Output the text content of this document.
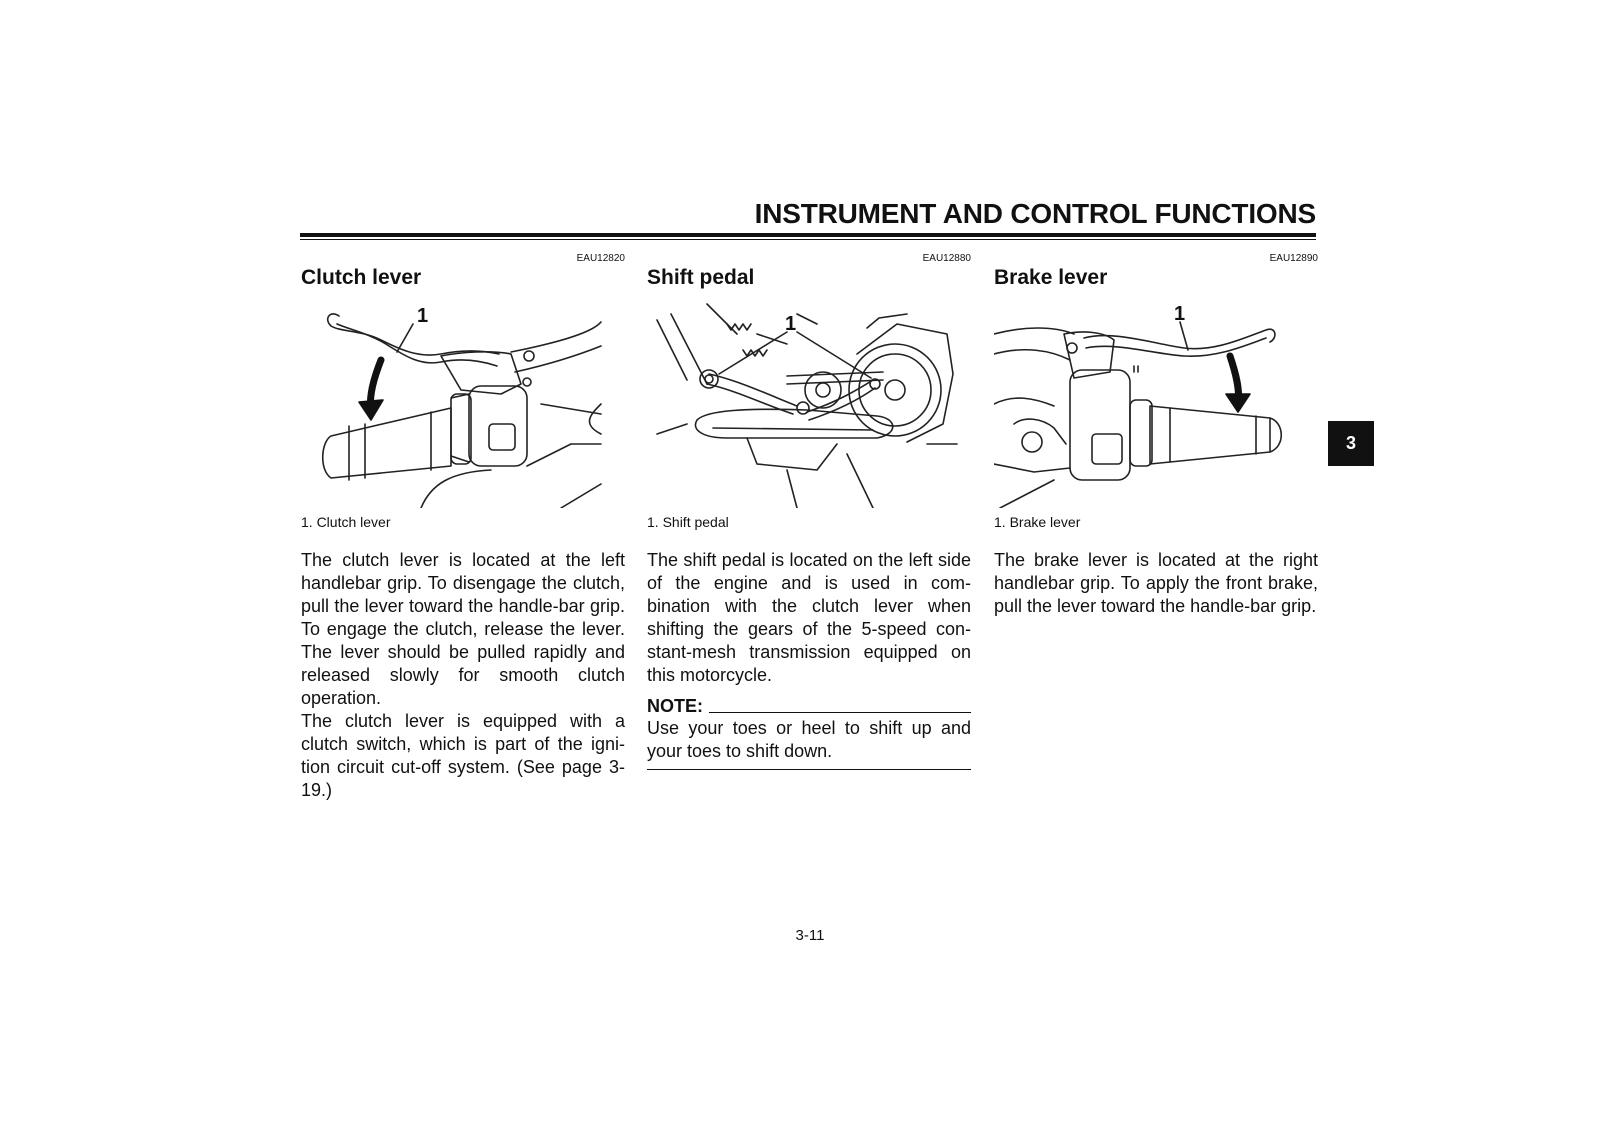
INSTRUMENT AND CONTROL FUNCTIONS
EAU12820
Clutch lever
1
1. Clutch lever

The clutch lever is located at the left handlebar grip. To disengage the clutch, pull the lever toward the handle-bar grip. To engage the clutch, release the lever. The lever should be pulled rapidly and released slowly for smooth clutch operation.

The clutch lever is equipped with a clutch switch, which is part of the igni-tion circuit cut-off system. (See page 3-19.)

EAU12880
Shift pedal
1
1. Shift pedal

The shift pedal is located on the left side of the engine and is used in com-bination with the clutch lever when shifting the gears of the 5-speed con-stant-mesh transmission equipped on this motorcycle.

NOTE:
Use your toes or heel to shift up and your toes to shift down.
EAU12890
Brake lever
1
1. Brake lever

The brake lever is located at the right handlebar grip. To apply the front brake, pull the lever toward the handle-bar grip.

3
3-11
